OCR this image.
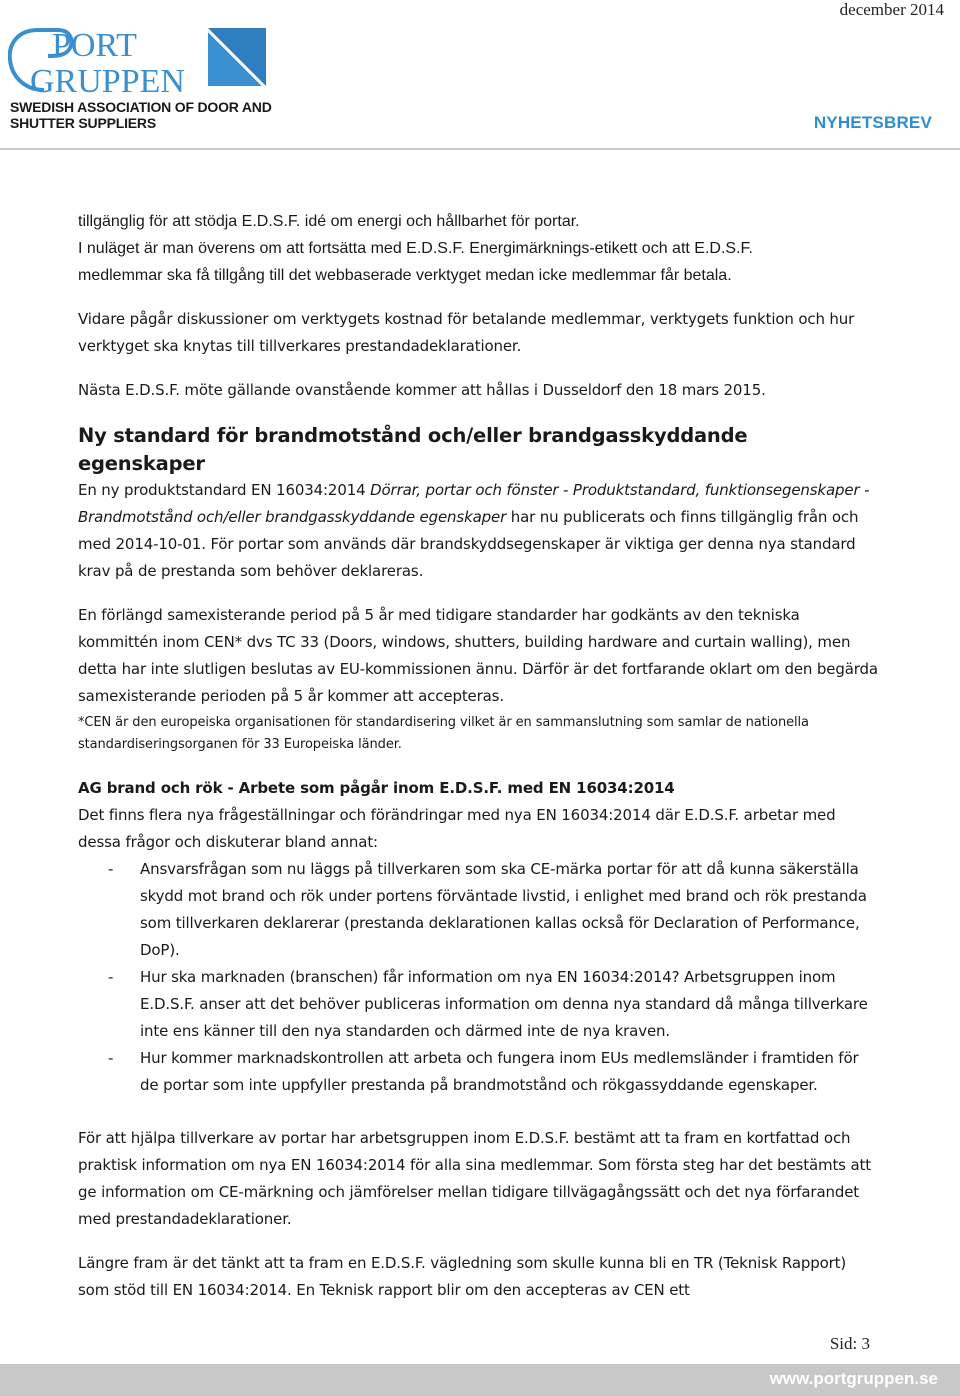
PORT
GRUPPEN
SWEDISH ASSOCIATION OF DOOR AND
SHUTTER SUPPLIERS
december 2014
NYHETSBREV
tillgänglig för att stödja E.D.S.F. idé om energi och hållbarhet för portar.
I nuläget är man överens om att fortsätta med E.D.S.F. Energimärknings-etikett och att E.D.S.F.
medlemmar ska få tillgång till det webbaserade verktyget medan icke medlemmar får betala.
Vidare pågår diskussioner om verktygets kostnad för betalande medlemmar, verktygets funktion och hur verktyget ska knytas till tillverkares prestandadeklarationer.
Nästa E.D.S.F. möte gällande ovanstående kommer att hållas i Dusseldorf den 18 mars 2015.
Ny standard för brandmotstånd och/eller brandgasskyddande egenskaper
En ny produktstandard EN 16034:2014 Dörrar, portar och fönster - Produktstandard, funktionsegenskaper - Brandmotstånd och/eller brandgasskyddande egenskaper har nu publicerats och finns tillgänglig från och med 2014-10-01. För portar som används där brandskyddsegenskaper är viktiga ger denna nya standard krav på de prestanda som behöver deklareras.
En förlängd samexisterande period på 5 år med tidigare standarder har godkänts av den tekniska kommittén inom CEN* dvs TC 33 (Doors, windows, shutters, building hardware and curtain walling), men detta har inte slutligen beslutas av EU-kommissionen ännu. Därför är det fortfarande oklart om den begärda samexisterande perioden på 5 år kommer att accepteras.
*CEN är den europeiska organisationen för standardisering vilket är en sammanslutning som samlar de nationella standardiseringsorganen för 33 Europeiska länder.
AG brand och rök - Arbete som pågår inom E.D.S.F. med EN 16034:2014
Det finns flera nya frågeställningar och förändringar med nya EN 16034:2014 där E.D.S.F. arbetar med dessa frågor och diskuterar bland annat:
- Ansvarsfrågan som nu läggs på tillverkaren som ska CE-märka portar för att då kunna säkerställa skydd mot brand och rök under portens förväntade livstid, i enlighet med brand och rök prestanda som tillverkaren deklarerar (prestanda deklarationen kallas också för Declaration of Performance, DoP).
- Hur ska marknaden (branschen) får information om nya EN 16034:2014? Arbetsgruppen inom E.D.S.F. anser att det behöver publiceras information om denna nya standard då många tillverkare inte ens känner till den nya standarden och därmed inte de nya kraven.
- Hur kommer marknadskontrollen att arbeta och fungera inom EUs medlemsländer i framtiden för de portar som inte uppfyller prestanda på brandmotstånd och rökgassyddande egenskaper.
För att hjälpa tillverkare av portar har arbetsgruppen inom E.D.S.F. bestämt att ta fram en kortfattad och praktisk information om nya EN 16034:2014 för alla sina medlemmar. Som första steg har det bestämts att ge information om CE-märkning och jämförelser mellan tidigare tillvägagångssätt och det nya förfarandet med prestandadeklarationer.
Längre fram är det tänkt att ta fram en E.D.S.F. vägledning som skulle kunna bli en TR (Teknisk Rapport) som stöd till EN 16034:2014. En Teknisk rapport blir om den accepteras av CEN ett
Sid: 3
www.portgruppen.se
